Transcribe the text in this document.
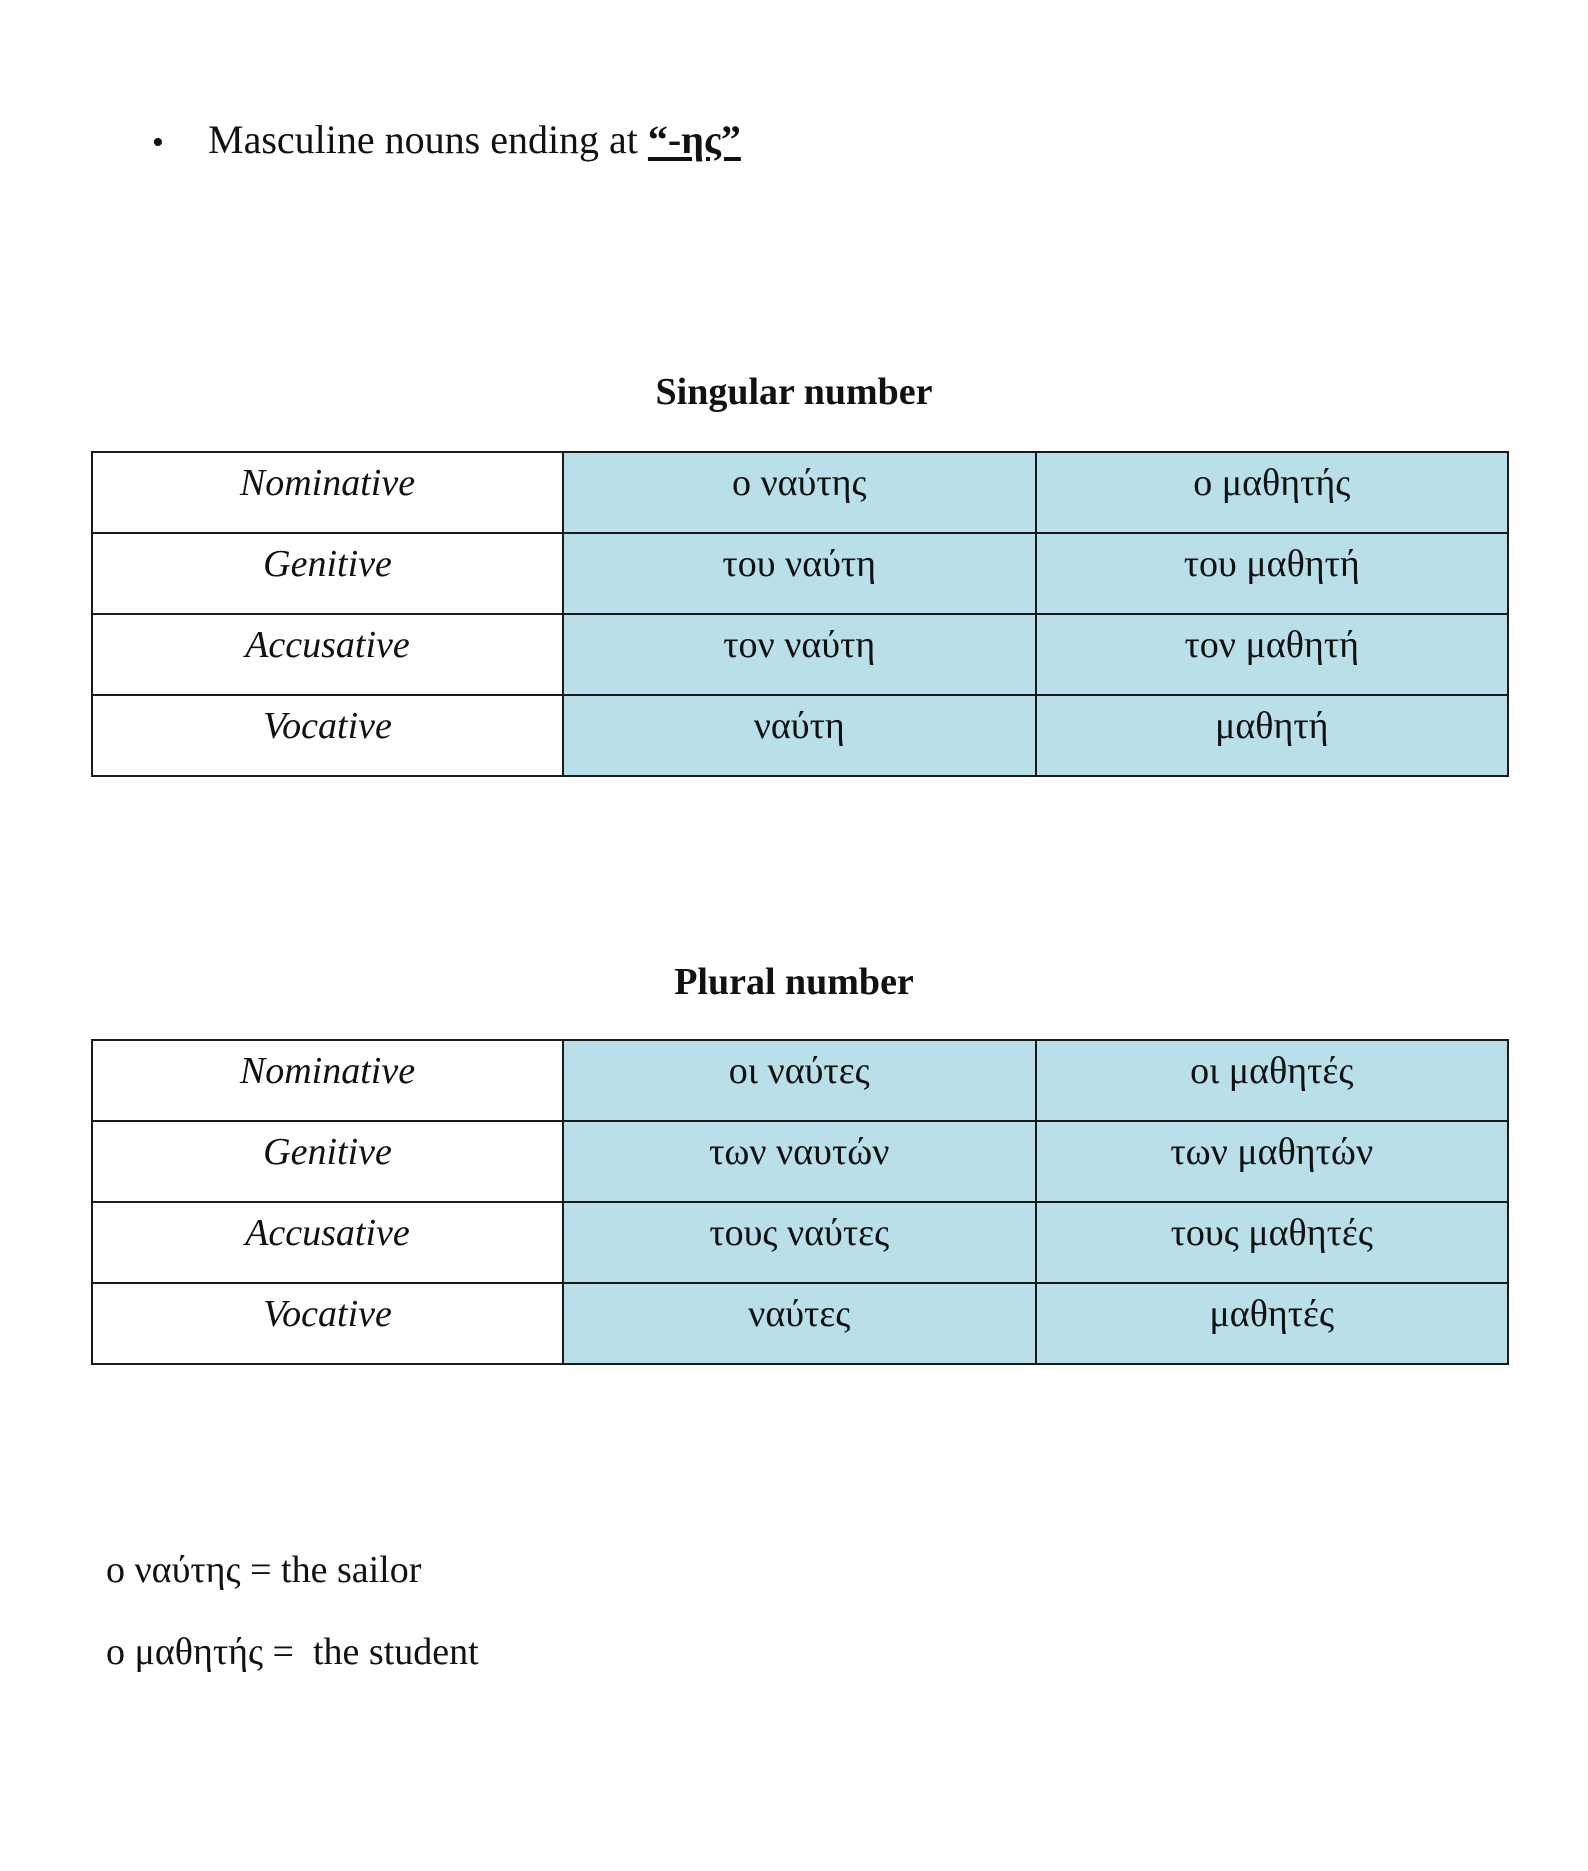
• Masculine nouns ending at “-ης”
Singular number
Nominative	ο ναύτης	ο μαθητής
Genitive	του ναύτη	του μαθητή
Accusative	τον ναύτη	τον μαθητή
Vocative	ναύτη	μαθητή
Plural number
Nominative	οι ναύτες	οι μαθητές
Genitive	των ναυτών	των μαθητών
Accusative	τους ναύτες	τους μαθητές
Vocative	ναύτες	μαθητές
ο ναύτης = the sailor
ο μαθητής =  the student
